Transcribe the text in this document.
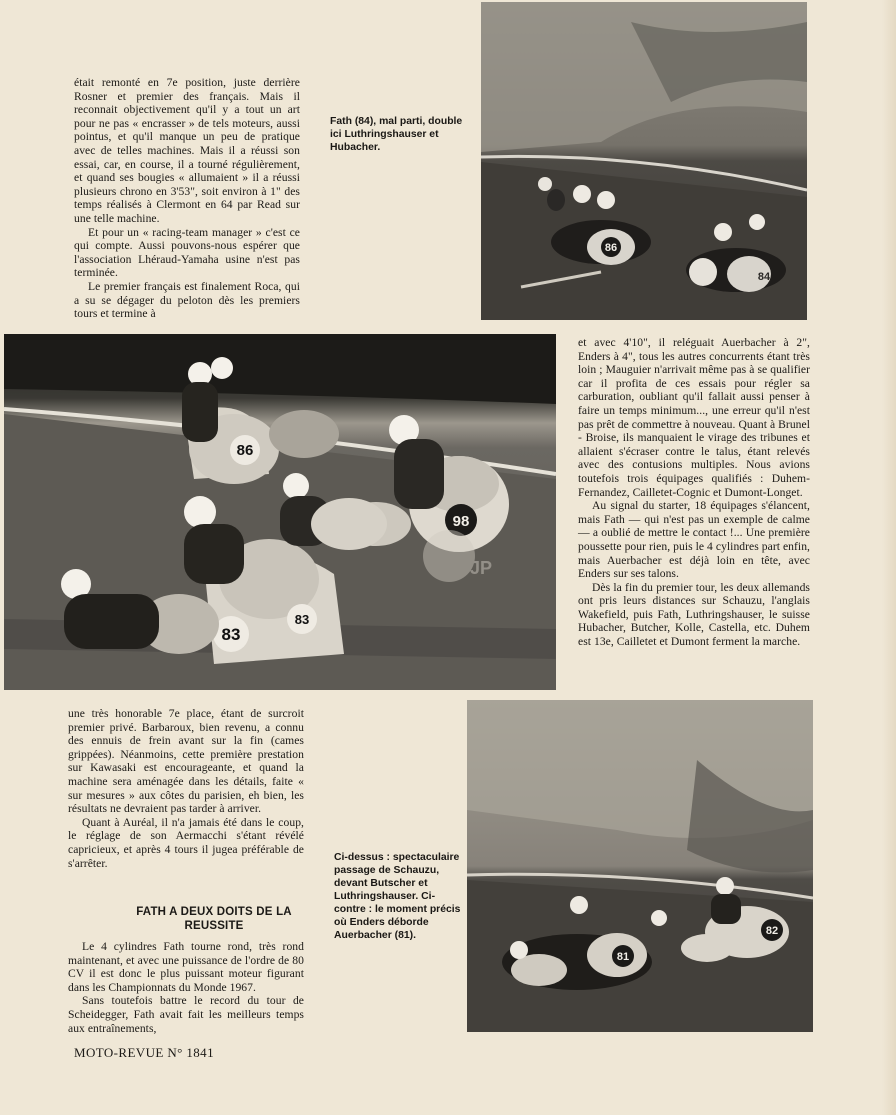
était remonté en 7e position, juste derrière Rosner et premier des français. Mais il reconnait objectivement qu'il y a tout un art pour ne pas « encrasser » de tels moteurs, aussi pointus, et qu'il manque un peu de pratique avec de telles machines. Mais il a réussi son essai, car, en course, il a tourné régulièrement, et quand ses bougies « allumaient » il a réussi plusieurs chrono en 3'53", soit environ à 1" des temps réalisés à Clermont en 64 par Read sur une telle machine.

Et pour un « racing-team manager » c'est ce qui compte. Aussi pouvons-nous espérer que l'association Lhéraud-Yamaha usine n'est pas terminée.

Le premier français est finalement Roca, qui a su se dégager du peloton dès les premiers tours et termine à

Fath (84), mal parti, double ici Luthringshauser et Hubacher.
86
84
86
98
83
83
JP

et avec 4'10", il reléguait Auerbacher à 2", Enders à 4", tous les autres concurrents étant très loin ; Mauguier n'arrivait même pas à se qualifier car il profita de ces essais pour régler sa carburation, oubliant qu'il fallait aussi penser à faire un temps minimum..., une erreur qu'il n'est pas prêt de commettre à nouveau. Quant à Brunel - Broise, ils manquaient le virage des tribunes et allaient s'écraser contre le talus, étant relevés avec des contusions multiples. Nous avions toutefois trois équipages qualifiés : Duhem-Fernandez, Cailletet-Cognic et Dumont-Longet.

Au signal du starter, 18 équipages s'élancent, mais Fath — qui n'est pas un exemple de calme — a oublié de mettre le contact !... Une première poussette pour rien, puis le 4 cylindres part enfin, mais Auerbacher est déjà loin en tête, avec Enders sur ses talons.

Dès la fin du premier tour, les deux allemands ont pris leurs distances sur Schauzu, l'anglais Wakefield, puis Fath, Luthringshauser, le suisse Hubacher, Butcher, Kolle, Castella, etc. Duhem est 13e, Cailletet et Dumont ferment la marche.

une très honorable 7e place, étant de surcroit premier privé. Barbaroux, bien revenu, a connu des ennuis de frein avant sur la fin (cames grippées). Néanmoins, cette première prestation sur Kawasaki est encourageante, et quand la machine sera aménagée dans les détails, faite « sur mesures » aux côtes du parisien, eh bien, les résultats ne devraient pas tarder à arriver.

Quant à Auréal, il n'a jamais été dans le coup, le réglage de son Aermacchi s'étant révélé capricieux, et après 4 tours il jugea préférable de s'arrêter.

FATH A DEUX DOITS DE LA REUSSITE

Le 4 cylindres Fath tourne rond, très rond maintenant, et avec une puissance de l'ordre de 80 CV il est donc le plus puissant moteur figurant dans les Championnats du Monde 1967.

Sans toutefois battre le record du tour de Scheidegger, Fath avait fait les meilleurs temps aux entraînements,

Ci-dessus : spectaculaire passage de Schauzu, devant Butscher et Luthringshauser. Ci-contre : le moment précis où Enders déborde Auerbacher (81).
81
82
MOTO-REVUE N° 1841
